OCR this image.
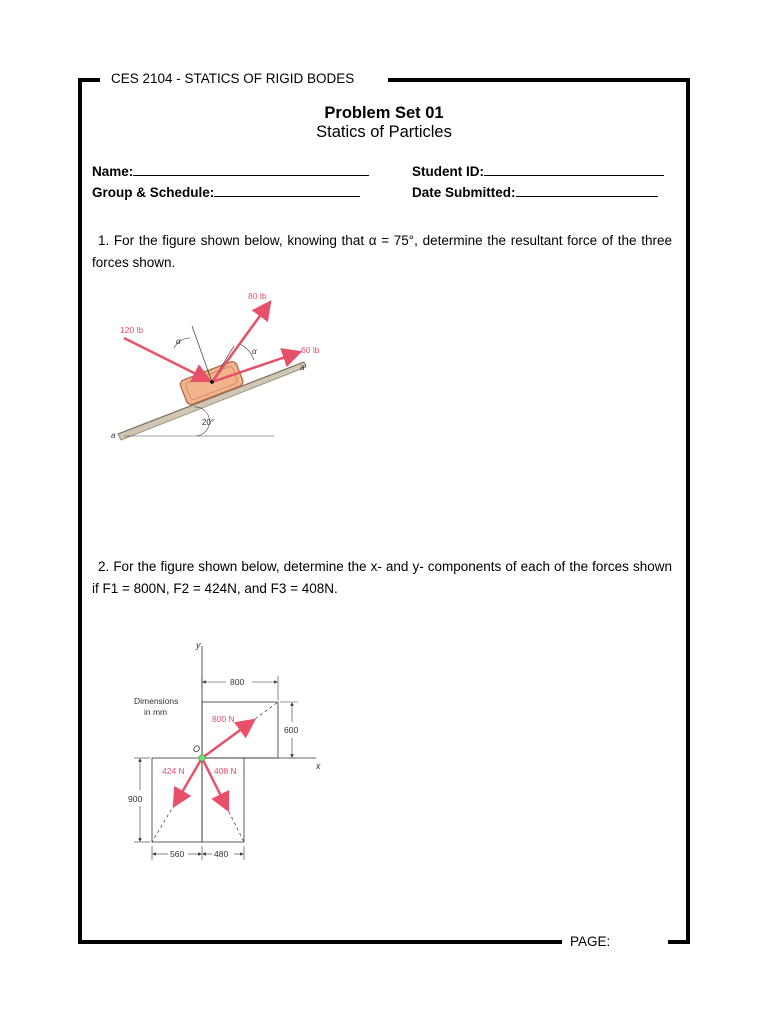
CES 2104 - STATICS OF RIGID BODES
PAGE:
Problem Set 01
Statics of Particles
Name:	Student ID:
Group & Schedule:	Date Submitted:
1. For the figure shown below, knowing that α = 75°, determine the resultant force of the three forces shown.
20°
a
a′
α
α
120 lb
80 lb
60 lb
2. For the figure shown below, determine the x- and y- components of each of the forces shown if F1 = 800N, F2 = 424N, and F3 = 408N.
y
x
O
800 N
424 N	408 N
Dimensions
in mm
800
600
900
560	480
